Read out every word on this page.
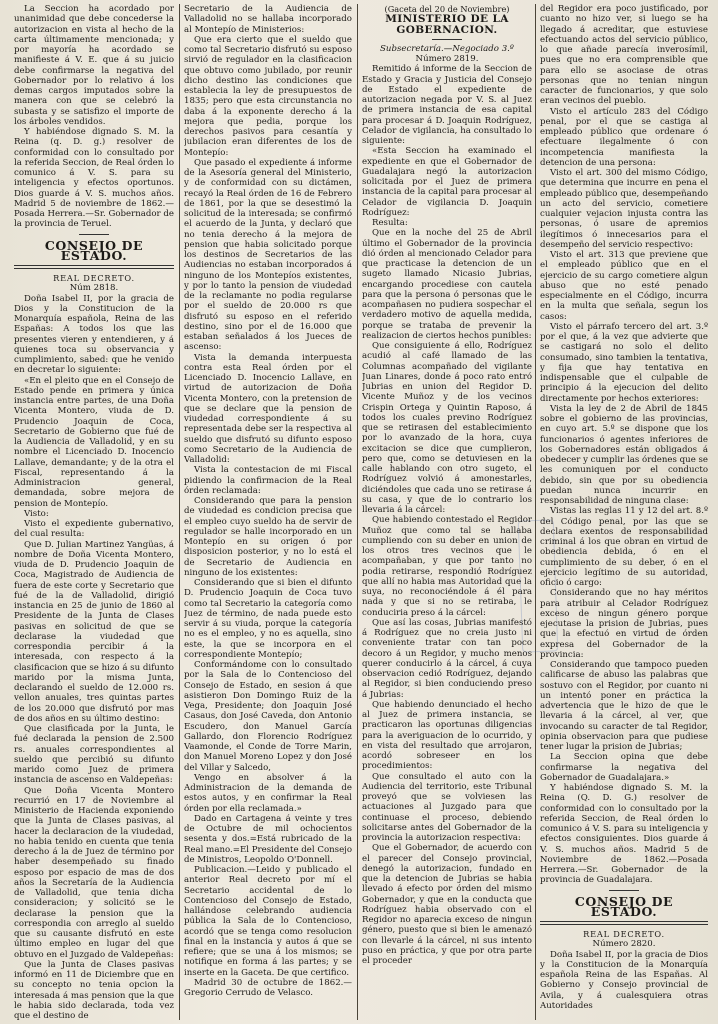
La Seccion ha acordado por unanimidad que debe concederse la autorizacion en vista al hecho de la carta últimamente mencionada; y por mayoría ha acordado se manifieste á V. E. que á su juicio debe confirmarse la negativa del Gobernador por lo relativo á los demas cargos imputados sobre la manera con que se celebró la subasta y se satisfizo el importe de los árboles vendidos.

Y habiéndose dignado S. M. la Reina (q. D. g.) resolver de conformidad con lo consultado por la referida Seccion, de Real órden lo comunico á V. S. para su inteligencia y efectos oportunos. Dios guarde á V. S. muchos años. Madrid 5 de noviembre de 1862.—Posada Herrera.—Sr. Gobernador de la provincia de Teruel.

CONSEJO DE ESTADO.
REAL DECRETO.
Núm 2818.

Doña Isabel II, por la gracia de Dios y la Constitucion de la Monarquía española, Reina de las Españas: A todos los que las presentes vieren y entendieren, y á quienes toca su observancia y cumplimiento, sabed: que he venido en decretar lo siguiente:

«En el pleito que en el Consejo de Estado pende en primera y única instancia entre partes, de una Doña Vicenta Montero, viuda de D. Prudencio Joaquin de Coca, Secretario de Gobierno que fué de la Audiencia de Valladolid, y en su nombre el Licenciado D. Inocencio Lallave, demandante; y de la otra el Fiscal, representando á la Administracion general, demandada, sobre mejora de pension de Montepío.

Visto:

Visto el expediente gubernativo, del cual resulta:

Que D. Julian Martinez Yangüas, á nombre de Doña Vicenta Montero, viuda de D. Prudencio Joaquin de Coca, Magistrado de Audiencia de fuera de este corte y Secretario que fué de la de Valladolid, dirigió instancia en 25 de junio de 1860 al Presidente de la Junta de Clases pasivas en solicitud de que se declarase la viudedad que correspondia percibir á la interesada, con respecto á la clasificacion que se hizo á su difunto marido por la misma Junta, declarando el sueldo de 12.000 rs. vellon anuales, tres quintas partes de los 20.000 que disfrutó por mas de dos años en su último destino:

Que clasificada por la Junta, le fué declarada la pension de 2.500 rs. anuales correspondientes al sueldo que percibió su difunto marido como Juez de primera instancia de ascenso en Valdepeñas:

Que Doña Vicenta Montero recurrió en 17 de Noviembre al Ministerio de Hacienda exponiendo que la Junta de Clases pasivas, al hacer la declaracion de la viudedad, no habia tenido en cuenta que tenia derecho á la de Juez de término por haber desempeñado su finado esposo por espacio de mas de dos años la Secretaría de la Audiencia de Valladolid, que tenia dicha consideracion; y solicitó se le declarase la pension que la correspondia con arreglo al sueldo que su causante disfrutó en este último empleo en lugar del que obtuvo en el Juzgado de Valdepeñas:

Que la Junta de Clases pasivas informó en 11 de Diciembre que en su concepto no tenia opcion la interesada á mas pension que la que le habia sido declarada, toda vez que el destino de

Secretario de la Audiencia de Valladolid no se hallaba incorporado al Montepío de Ministerios:

Que era cierto que el sueldo que como tal Secretario disfrutó su esposo sirvió de regulador en la clasificacion que obtuvo como jubilado, por reunir dicho destino las condiciones que establecia la ley de presupuestos de 1835; pero que esta circunstancia no daba á la exponente derecho á la mejora que pedia, porque los derechos pasivos para cesantía y jubilacion eran diferentes de los de Montepío:

Que pasado el expediente á informe de la Asesoría general del Ministerio, y de conformidad con su dictámen, recayó la Real órden de 16 de Febrero de 1861, por la que se desestimó la solicitud de la interesada; se confirmó el acuerdo de la Junta, y declaró que no tenia derecho á la mejora de pension que habia solicitado porque los destinos de Secretarios de las Audiencias no estaban incorporados á ninguno de los Montepíos existentes, y por lo tanto la pension de viudedad de la reclamante no podia regularse por el sueldo de 20.000 rs que disfrutó su esposo en el referido destino, sino por el de 16.000 que estaban señalados á los Jueces de ascenso:

Vista la demanda interpuesta contra esta Real órden por el Licenciado D. Inocencio Lallave, en virtud de autorizacion de Doña Vicenta Montero, con la pretension de que se declare que la pension de viudedad correspondiente á su representada debe ser la respectiva al sueldo que disfrutó su difunto esposo como Secretario de la Audiencia de Valladolid:

Vista la contestacion de mi Fiscal pidiendo la confirmacion de la Real órden reclamada:

Considerando que para la pension de viudedad es condicion precisa que el empleo cuyo sueldo ha de servir de regulador se halle incorporado en un Montepío en su origen ó por disposicion posterior, y no lo está el de Secretario de Audiencia en ninguno de los existentes:

Considerando que si bien el difunto D. Prudencio Joaquin de Coca tuvo como tal Secretario la categoría como Juez de término, de nada puede esto servir á su viuda, porque la categoría no es el empleo, y no es aquella, sino este, la que se incorpora en el correspondiente Montepío;

Conformándome con lo consultado por la Sala de lo Contencioso del Consejo de Estado, en sesion á que asistieron Don Domingo Ruiz de la Vega, Presidente; don Joaquin José Casaus, don José Caveda, don Antonio Escudero, don Manuel García Gallardo, don Florencio Rodríguez Vaamonde, el Conde de Torre Marin, don Manuel Moreno Lopez y don José del Villar y Salcedo,

Vengo en absolver á la Administracion de la demanda de estos autos, y en confirmar la Real órden por ella reclamada.»

Dado en Cartagena á veinte y tres de Octubre de mil ochocientos sesenta y dos.=Está rubricado de la Real mano.=El Presidente del Consejo de Ministros, Leopoldo O'Donnell.

Publicacion.—Leido y publicado el anterior Real decreto por mí el Secretario accidental de lo Contencioso del Consejo de Estado, hallándose celebrando audiencia pública la Sala de lo Contencioso, acordó que se tenga como resolucion final en la instancia y autos á que se refiere; que se una á los mismos; se notifique en forma á las partes; y se inserte en la Gaceta. De que certifico.

Madrid 30 de octubre de 1862.—Gregorio Cerrudo de Velasco.

(Gaceta del 20 de Noviembre)
MINISTERIO DE LA GOBERNACION.
Subsecretaría.—Negociado 3.º
Número 2819.

Remitido á informe de la Seccion de Estado y Gracia y Justicia del Consejo de Estado el expediente de autorizacion negada por V. S. al Juez de primera instancia de esa capital para procesar á D. Joaquin Rodríguez, Celador de vigilancia, ha consultado lo siguiente:

«Esta Seccion ha examinado el expediente en que el Gobernador de Guadalajara negó la autorizacion solicitada por el Juez de primera instancia de la capital para procesar al Celador de vigilancia D. Joaquin Rodríguez:

Resulta:

Que en la noche del 25 de Abril último el Gobernador de la provincia dió órden al mencionado Celador para que practicase la detencion de un sugeto llamado Nicasio Jubrias, encargando procediese con cautela para que la persona ó personas que le acompañasen no pudiera sospechar el verdadero motivo de aquella medida, porque se trataba de prevenir la realizacion de ciertos hechos punibles:

Que consiguiente á ello, Rodríguez acudió al café llamado de las Columnas acompañado del vigilante Juan Linares, donde á poco rato entró Jubrias en union del Regidor D. Vicente Muñoz y de los vecinos Crispin Ortega y Quintin Raposo, á todos los cuales previno Rodríguez que se retirasen del establecimiento por lo avanzado de la hora, cuya excitacion se dice que cumplieron, pero que, como se detuviesen en la calle hablando con otro sugeto, el Rodríguez volvió á amonestarles, diciéndoles que cada uno se retirase á su casa, y que de lo contrario los llevaria á la cárcel:

Que habiendo contestado el Regidor Muñoz que como tal se hallaba cumpliendo con su deber en union de los otros tres vecinos que le acompañaban, y que por tanto no podia retirarse, respondió Rodríguez que allí no habia mas Autoridad que la suya, no reconociéndole á él para nada y que si no se retiraba, le conduciria preso á la cárcel:

Que así las cosas, Jubrias manifestó á Rodríguez que no creia justo ni conveniente tratar con tan poco decoro á un Regidor, y mucho menos querer conducirlo á la cárcel, á cuya observacion cedió Rodríguez, dejando al Regidor, si bien conduciendo preso á Jubrias:

Que habiendo denunciado el hecho al Juez de primera instancia, se practicaron las oportunas diligencias para la averiguacion de lo ocurrido, y en vista del resultado que arrojaron, acordó sobreseer en los procedimientos:

Que consultado el auto con la Audiencia del territorio, este Tribunal proveyó que se volviesen las actuaciones al Juzgado para que continuase el proceso, debiendo solicitarse antes del Gobernador de la provincia la autorizacion respectiva:

Que el Gobernador, de acuerdo con el parecer del Consejo provincial, denegó la autorizacion, fundado en que la detencion de Jubrias se habia llevado á efecto por órden del mismo Gobernador, y que en la conducta que Rodríguez habia observado con el Regidor no aparecia exceso de ningun género, puesto que si bien le amenazó con llevarle á la cárcel, ni sus intento puso en práctica, y que por otra parte el proceder

del Regidor era poco justificado, por cuanto no hizo ver, si luego se ha llegado á acreditar, que estuviese efectuando actos del servicio público, lo que añade parecía inverosímil, pues que no era comprensible que para ello se asociase de otras personas que no tenian ningun caracter de funcionarios, y que solo eran vecinos del pueblo.

Visto el artículo 283 del Código penal, por el que se castiga al empleado público que ordenare ó efectuare ilegalmente ó con incompetencia manifiesta la detencion de una persona:

Visto el art. 300 del mismo Código, que determina que incurre en pena el empleado público que, desempeñando un acto del servicio, cometiere cualquier vejacion injusta contra las personas, ó usare de apremios ilegítimos ó innecesarios para el desempeño del servicio respectivo:

Visto el art. 313 que previene que el empleado público que en el ejercicio de su cargo cometiere algun abuso que no esté penado especialmente en el Código, incurra en la multa que señala, segun los casos:

Visto el párrafo tercero del art. 3.º por el que, á la vez que advierte que se castigará no solo el delito consumado, sino tambien la tentativa, y fija que hay tentativa en indispensable que el culpable de principio á la ejecucion del delito directamente por hechos exteriores:

Vista la ley de 2 de Abril de 1845 sobre el gobierno de las provincias, en cuyo art. 5.º se dispone que los funcionarios ó agentes inferiores de los Gobernadores están obligados á obedecer y cumplir las órdenes que se les comuniquen por el conducto debido, sin que por su obediencia puedan nunca incurrir en responsabilidad de ninguna clase:

Vistas las reglas 11 y 12 del art. 8.º del Código penal, por las que se declara exentos de responsabilidad criminal á los que obran en virtud de obediencia debida, ó en el cumplimiento de su deber, ó en el ejercicio legítimo de su autoridad, oficio ó cargo:

Considerando que no hay méritos para atribuir al Celador Rodríguez exceso de ningun género porque ejecutase la prision de Jubrias, pues que la efectuó en virtud de órden expresa del Gobernador de la provincia:

Considerando que tampoco pueden calificarse de abuso las palabras que sostuvo con el Regidor, por cuanto ni un intentó poner en práctica la advertencia que le hizo de que le llevaria á la cárcel, al ver, que invocando su caracter de tal Regidor, opinia observacion para que pudiese tener lugar la prision de Jubrias;

La Seccion opina que debe confirmarse la negativa del Gobernador de Guadalajara.»

Y habiéndose dignado S. M. la Reina (Q. D. G.) resolver de conformidad con lo consultado por la referida Seccion, de Real órden lo comunico á V. S. para su inteligencia y efectos consiguientes. Dios guarde á V. S. muchos años. Madrid 5 de Noviembre de 1862.—Posada Herrera.—Sr. Gobernador de la provincia de Guadalajara.

CONSEJO DE ESTADO.
REAL DECRETO.
Número 2820.

Doña Isabel II, por la gracia de Dios y la Constitucion de la Monarquía española Reina de las Españas. Al Gobierno y Consejo provincial de Avila, y á cualesquiera otras Autoridades
